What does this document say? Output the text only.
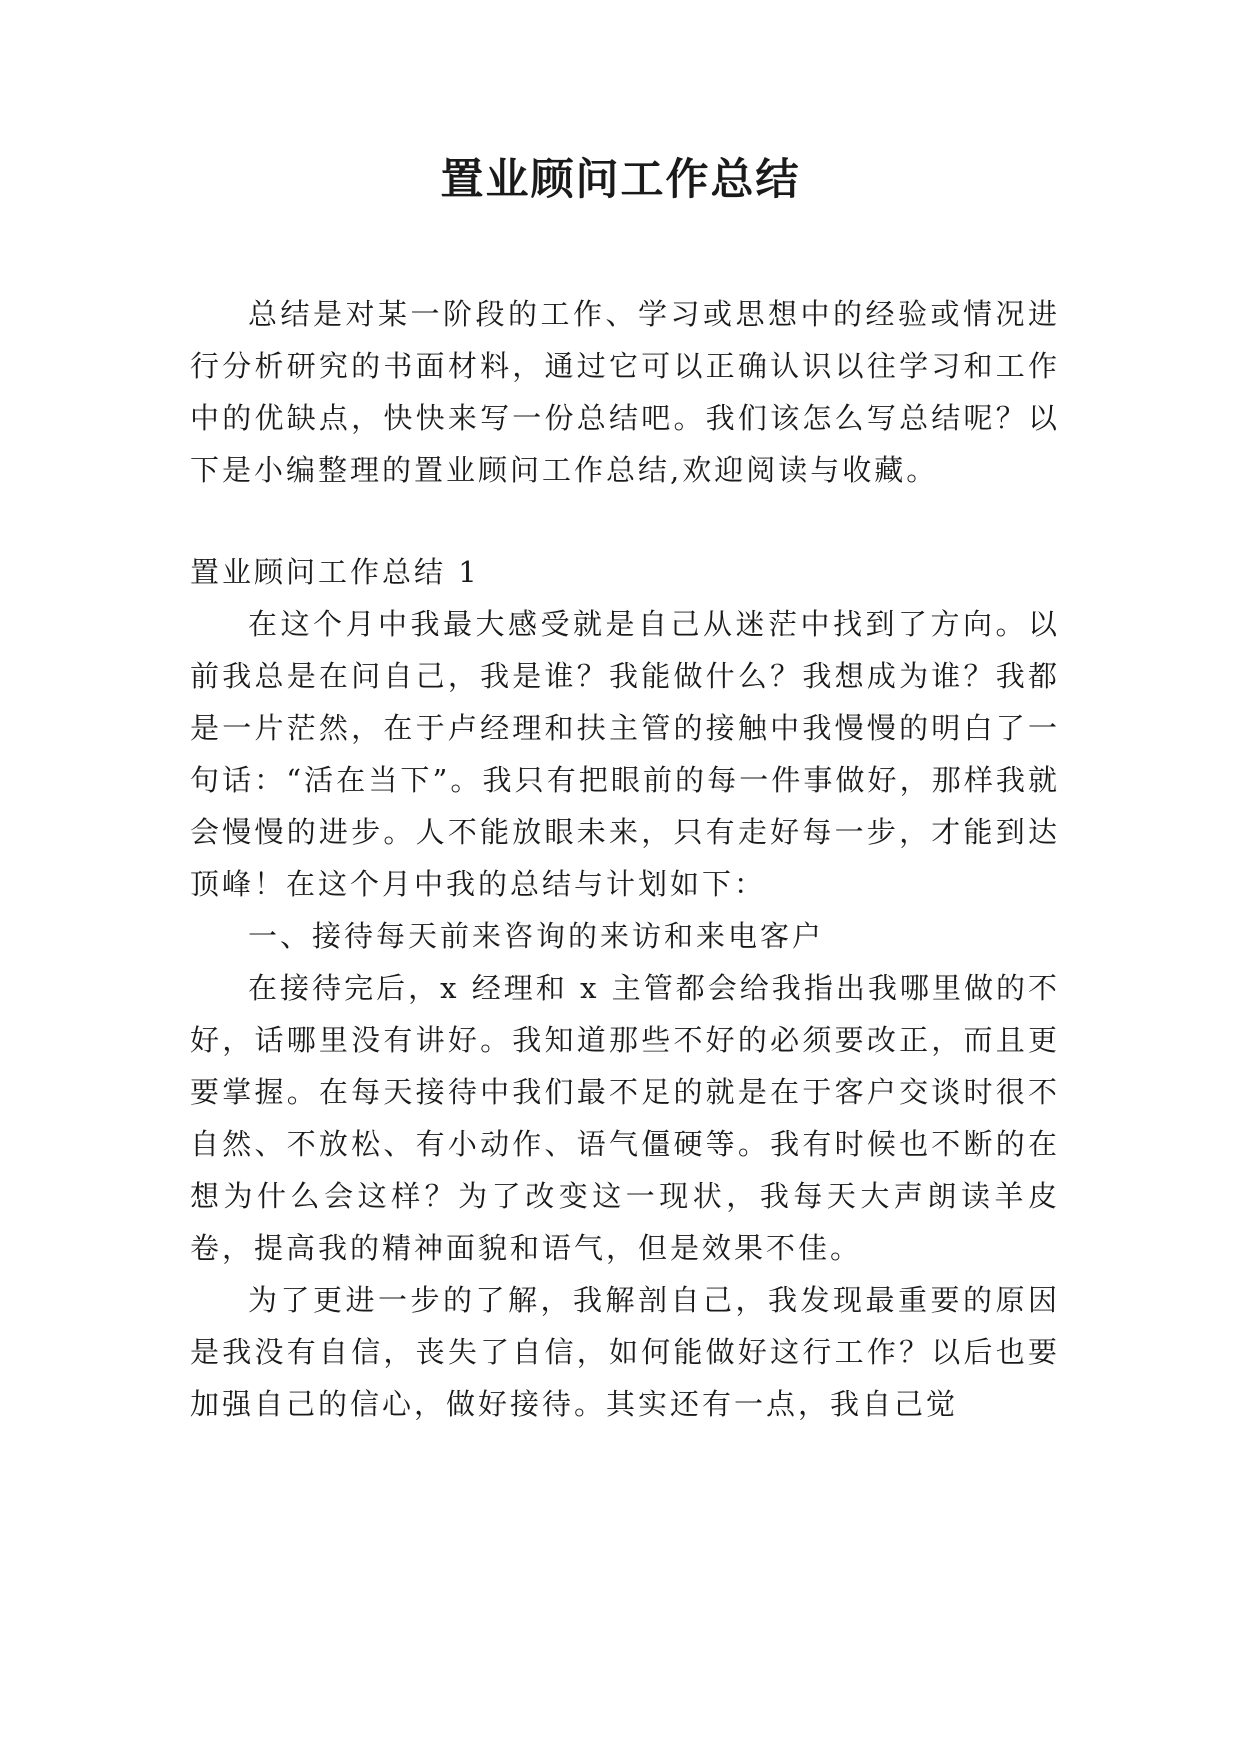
置业顾问工作总结

总结是对某一阶段的工作、学习或思想中的经验或情况进行分析研究的书面材料，通过它可以正确认识以往学习和工作中的优缺点，快快来写一份总结吧。我们该怎么写总结呢？以下是小编整理的置业顾问工作总结,欢迎阅读与收藏。

置业顾问工作总结 1

在这个月中我最大感受就是自己从迷茫中找到了方向。以前我总是在问自己，我是谁？我能做什么？我想成为谁？我都是一片茫然，在于卢经理和扶主管的接触中我慢慢的明白了一句话：“活在当下”。我只有把眼前的每一件事做好，那样我就会慢慢的进步。人不能放眼未来，只有走好每一步，才能到达顶峰！在这个月中我的总结与计划如下：

一、接待每天前来咨询的来访和来电客户

在接待完后，x 经理和 x 主管都会给我指出我哪里做的不好，话哪里没有讲好。我知道那些不好的必须要改正，而且更要掌握。在每天接待中我们最不足的就是在于客户交谈时很不自然、不放松、有小动作、语气僵硬等。我有时候也不断的在想为什么会这样？为了改变这一现状，我每天大声朗读羊皮卷，提高我的精神面貌和语气，但是效果不佳。

为了更进一步的了解，我解剖自己，我发现最重要的原因是我没有自信，丧失了自信，如何能做好这行工作？以后也要加强自己的信心，做好接待。其实还有一点，我自己觉
